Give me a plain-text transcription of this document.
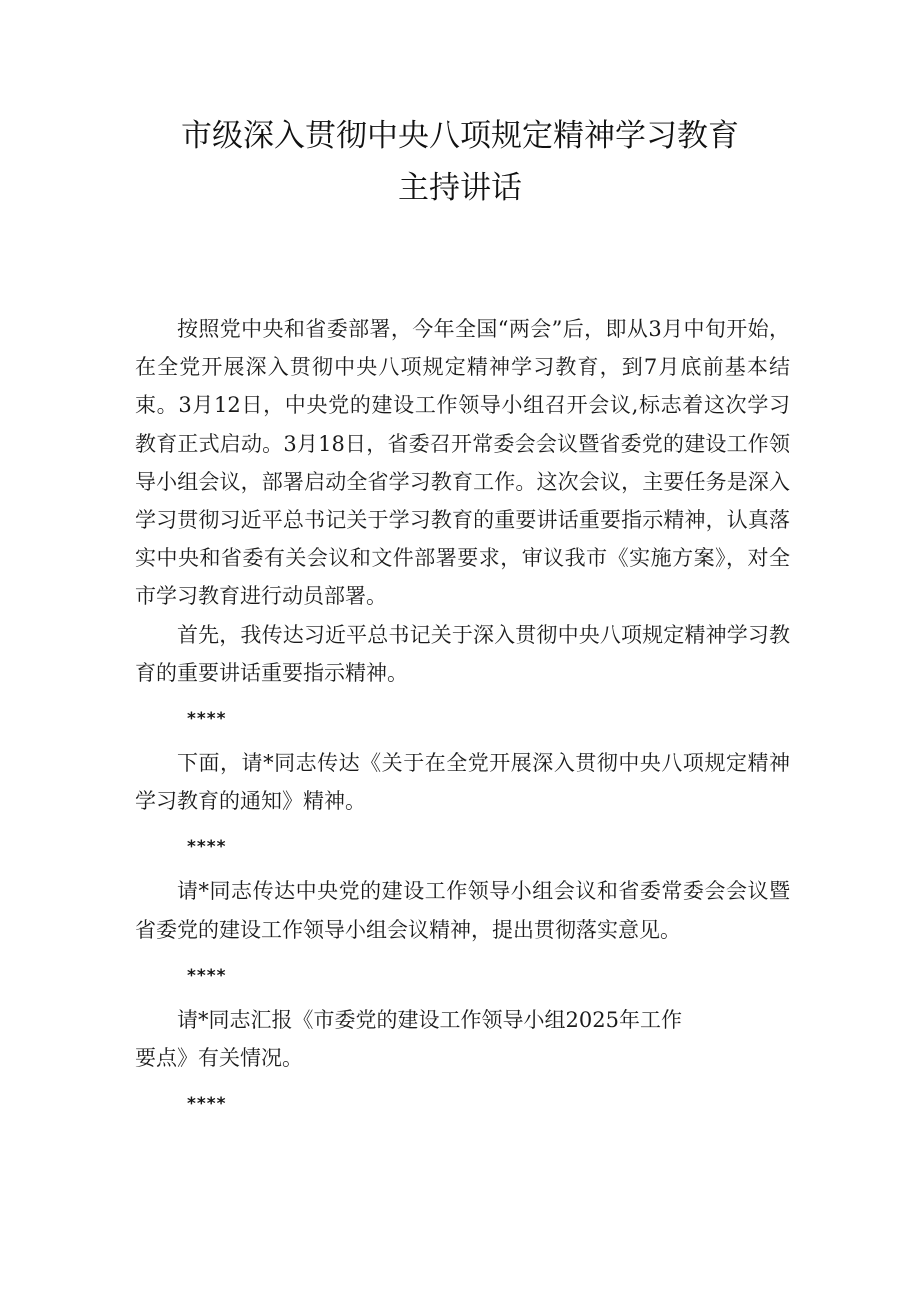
市级深入贯彻中央八项规定精神学习教育
主持讲话

按照党中央和省委部署，今年全国“两会”后，即从3月中旬开始，在全党开展深入贯彻中央八项规定精神学习教育，到7月底前基本结束。3月12日，中央党的建设工作领导小组召开会议,标志着这次学习教育正式启动。3月18日，省委召开常委会会议暨省委党的建设工作领导小组会议，部署启动全省学习教育工作。这次会议，主要任务是深入学习贯彻习近平总书记关于学习教育的重要讲话重要指示精神，认真落实中央和省委有关会议和文件部署要求，审议我市《实施方案》，对全市学习教育进行动员部署。

首先，我传达习近平总书记关于深入贯彻中央八项规定精神学习教育的重要讲话重要指示精神。

****

下面，请*同志传达《关于在全党开展深入贯彻中央八项规定精神学习教育的通知》精神。

****

请*同志传达中央党的建设工作领导小组会议和省委常委会会议暨省委党的建设工作领导小组会议精神，提出贯彻落实意见。

****

请*同志汇报《市委党的建设工作领导小组2025年工作
要点》有关情况。

****
